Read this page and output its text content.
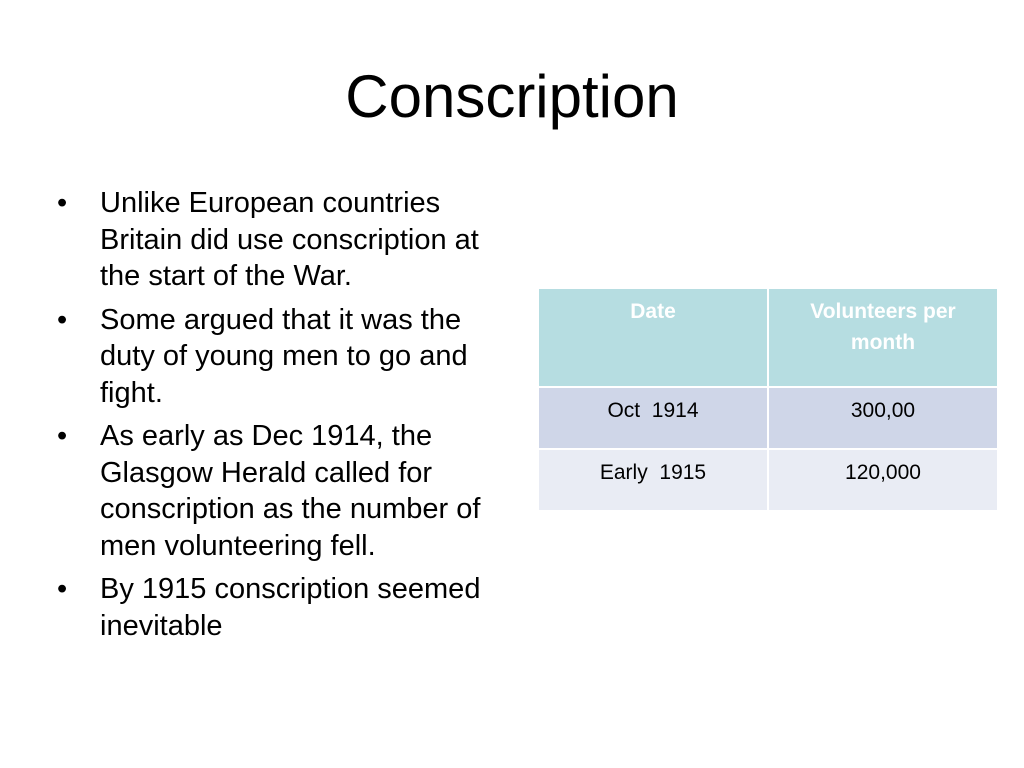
Conscription
•	Unlike European countries Britain did use conscription at the start of the War.
•	Some argued that it was the duty of young men to go and fight.
•	As early as Dec 1914, the Glasgow Herald called for conscription as the number of men volunteering fell.
•	By 1915 conscription seemed inevitable
Date	Volunteers per month
Oct  1914	300,00
Early  1915	120,000
